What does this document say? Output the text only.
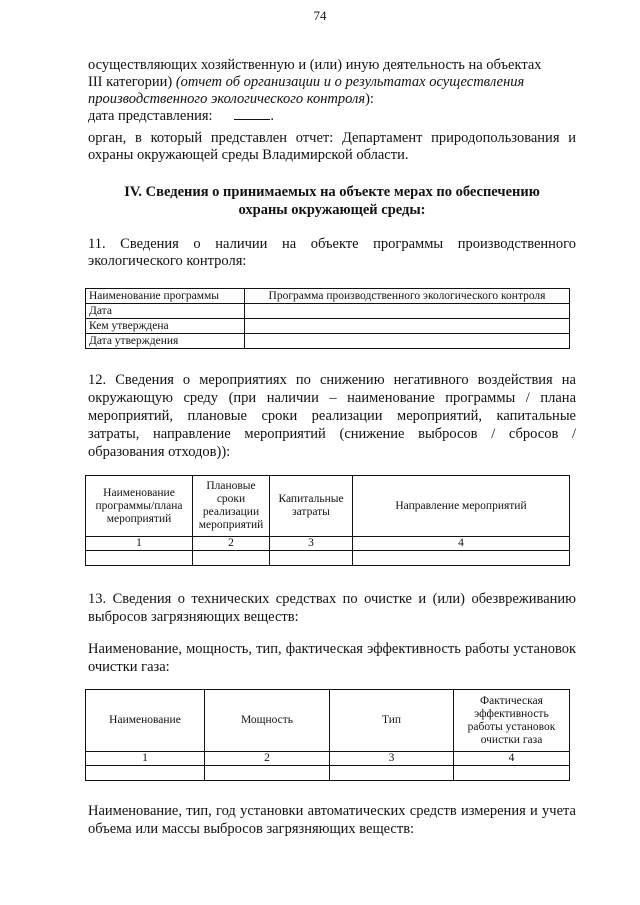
74
осуществляющих хозяйственную и (или) иную деятельность на объектах
III категории) (отчет об организации и о результатах осуществления
производственного экологического контроля):
дата представления:	.
орган, в который представлен отчет: Департамент природопользования и охраны окружающей среды Владимирской области.
IV. Сведения о принимаемых на объекте мерах по обеспечению
охраны окружающей среды:
11. Сведения о наличии на объекте программы производственного экологического контроля:
Наименование программы	Программа производственного экологического контроля
Дата	
Кем утверждена	
Дата утверждения	
12. Сведения о мероприятиях по снижению негативного воздействия на окружающую среду (при наличии – наименование программы / плана мероприятий, плановые сроки реализации мероприятий, капитальные затраты, направление мероприятий (снижение выбросов / сбросов / образования отходов)):
Наименование программы/плана мероприятий	Плановые сроки реализации мероприятий	Капитальные затраты	Направление мероприятий
1	2	3	4

13. Сведения о технических средствах по очистке и (или) обезвреживанию выбросов загрязняющих веществ:
Наименование, мощность, тип, фактическая эффективность работы установок очистки газа:
Наименование	Мощность	Тип	Фактическая эффективность работы установок очистки газа
1	2	3	4

Наименование, тип, год установки автоматических средств измерения и учета объема или массы выбросов загрязняющих веществ:
